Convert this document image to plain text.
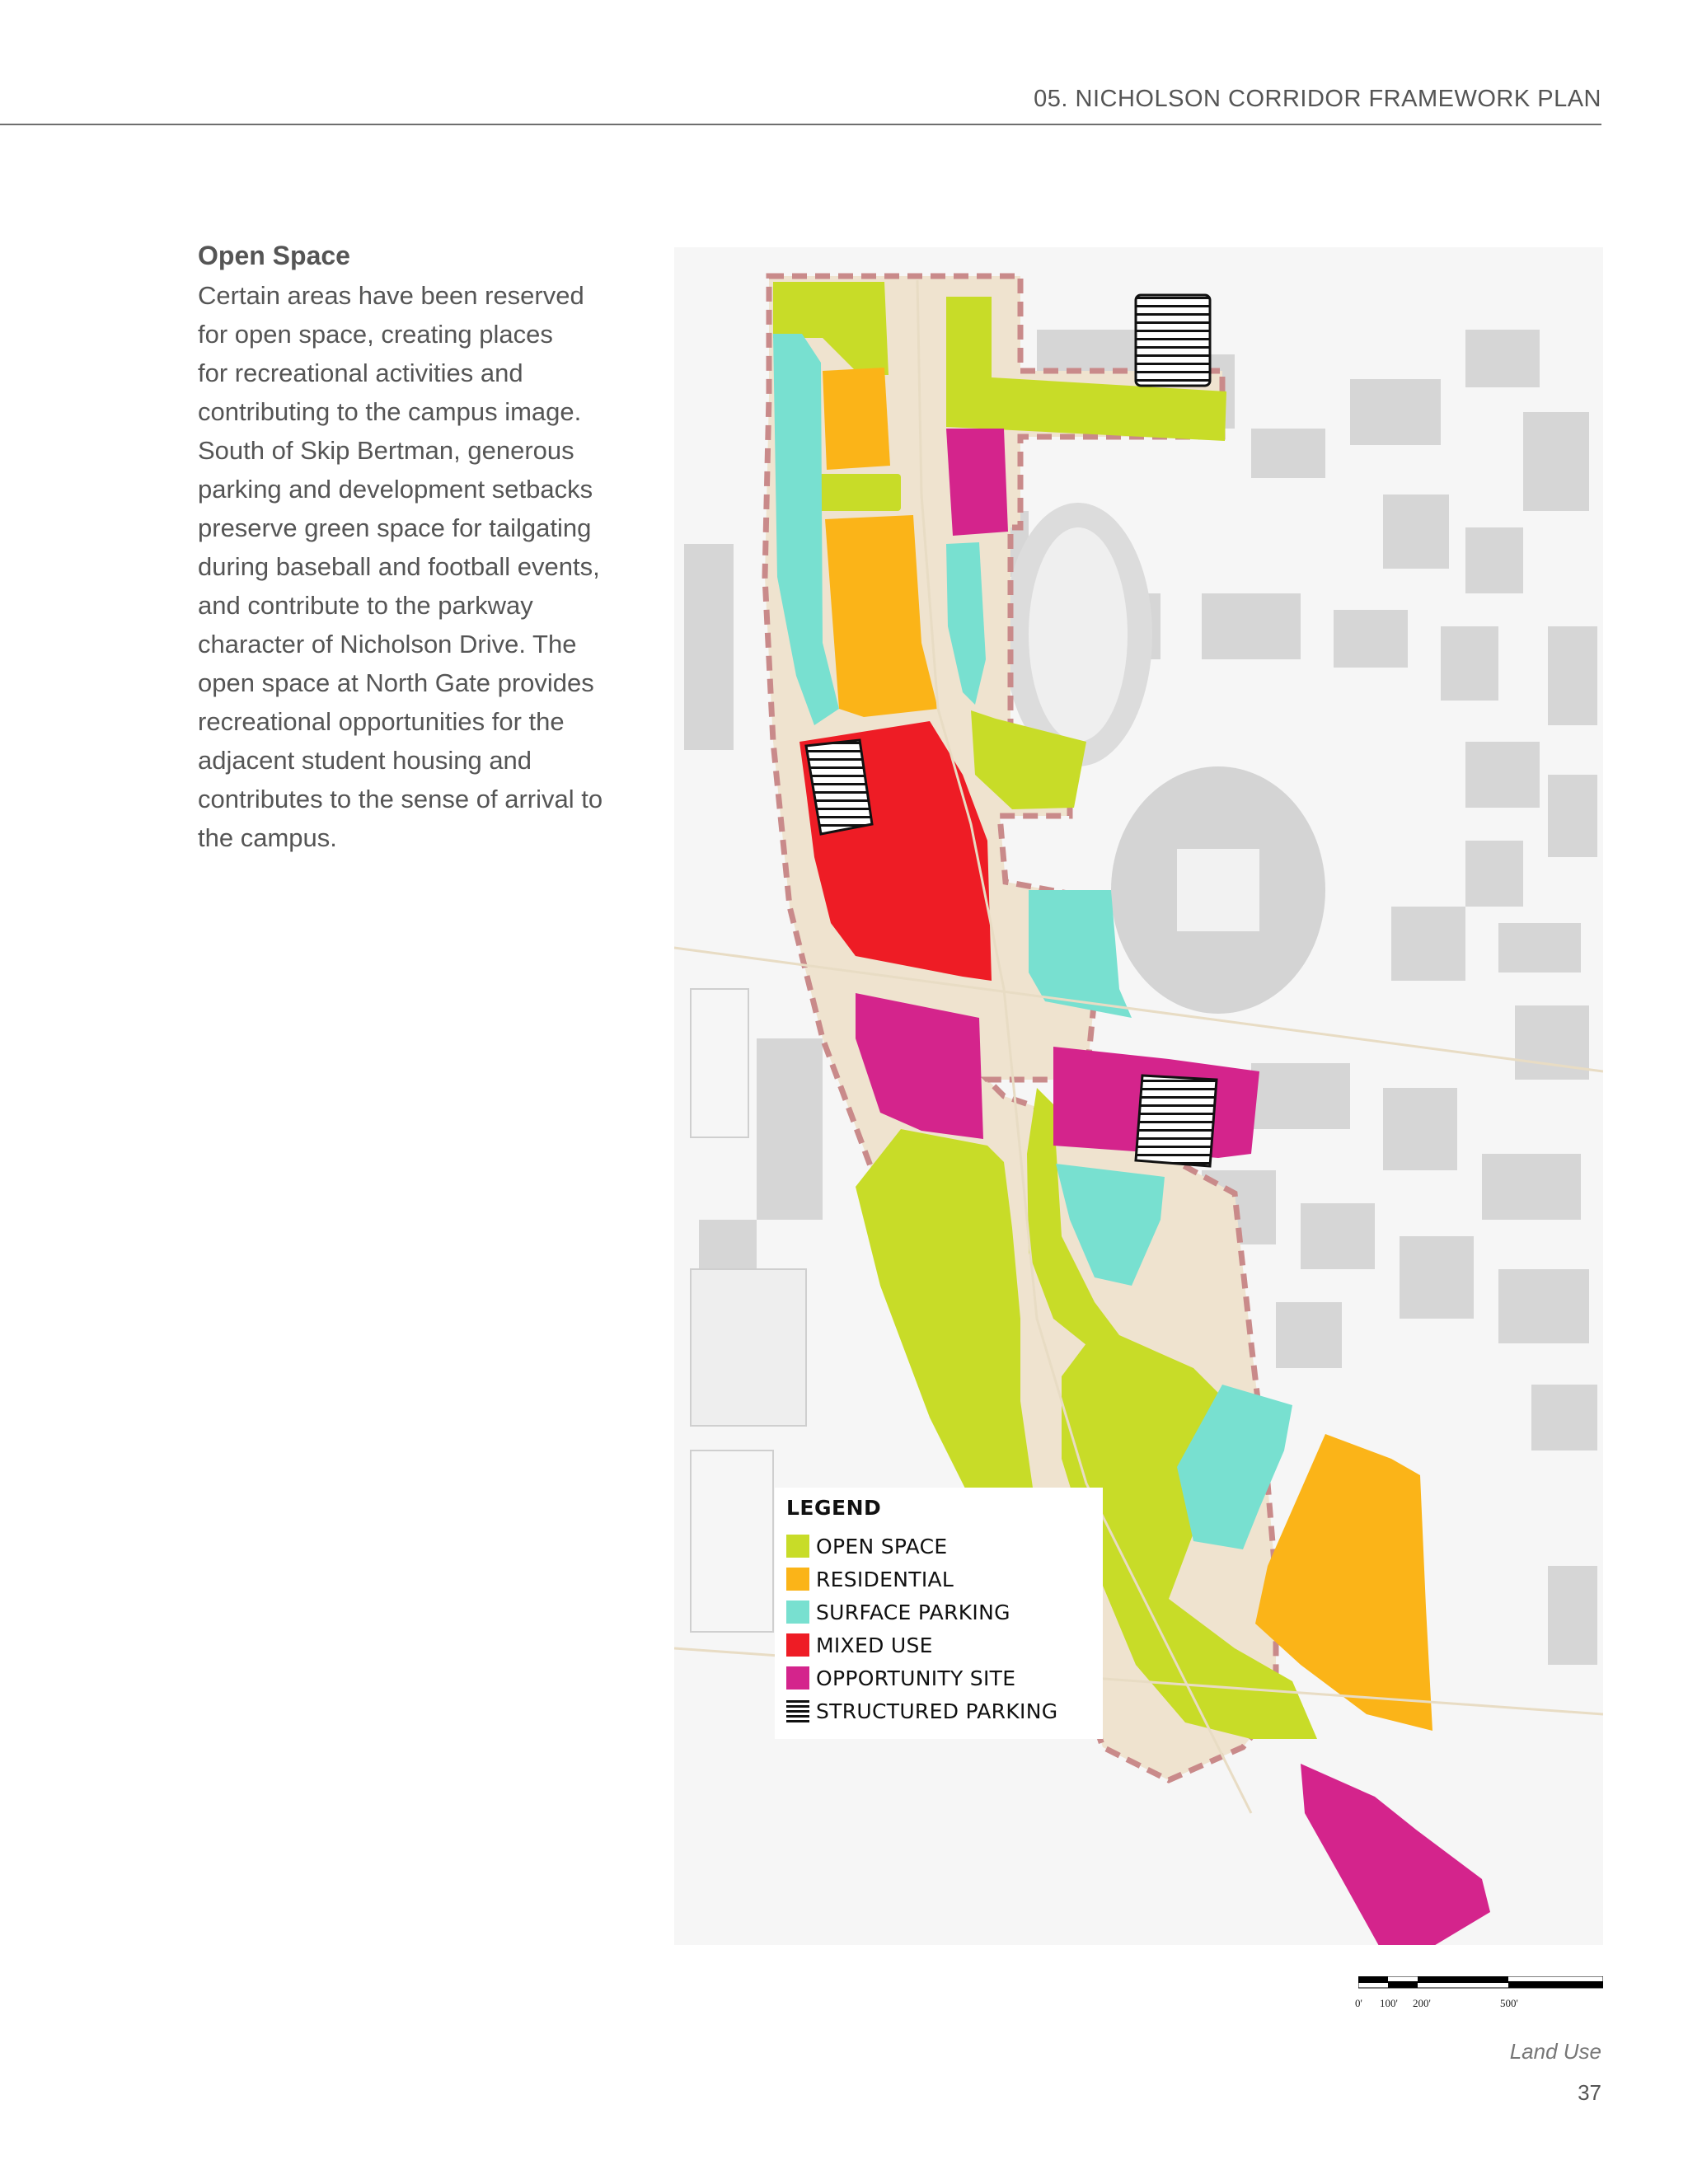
05. NICHOLSON CORRIDOR FRAMEWORK PLAN
Open Space

Certain areas have been reserved
for open space, creating places
for recreational activities and
contributing to the campus image.
South of Skip Bertman, generous
parking and development setbacks
preserve green space for tailgating
during baseball and football events,
and contribute to the parkway
character of Nicholson Drive. The
open space at North Gate provides
recreational opportunities for the
adjacent student housing and
contributes to the sense of arrival to
the campus.

LEGEND
OPEN SPACE
RESIDENTIAL
SURFACE PARKING
MIXED USE
OPPORTUNITY SITE
STRUCTURED PARKING
0' 100' 200'	500'
Land Use
37
